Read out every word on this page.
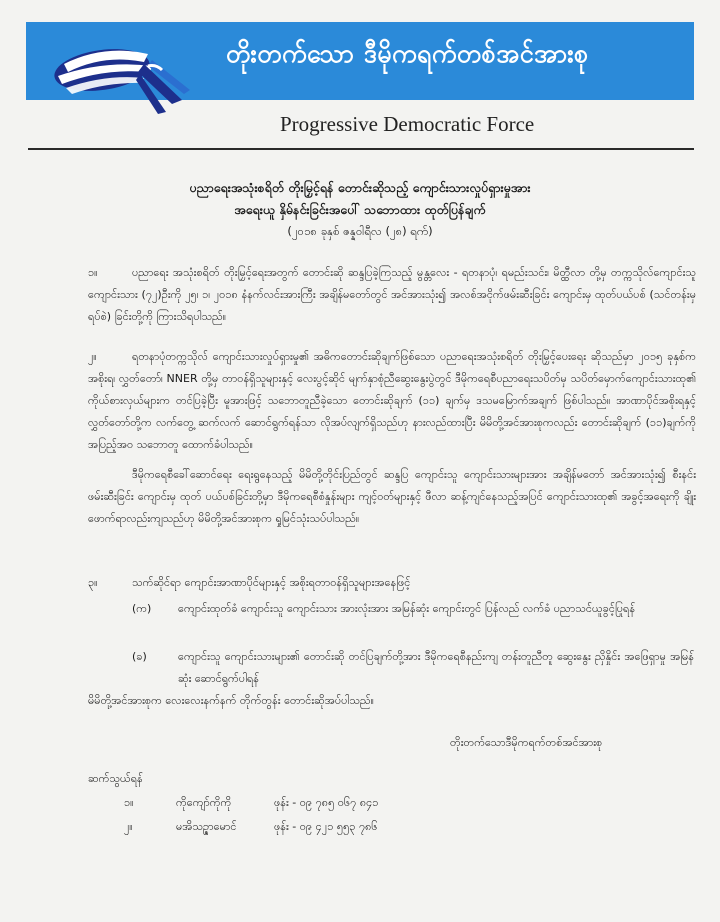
တိုးတက်သော ဒီမိုကရက်တစ်အင်အားစု
Progressive Democratic Force
ပညာရေးအသုံးစရိတ် တိုးမြှင့်ရန် တောင်းဆိုသည့် ကျောင်းသားလှုပ်ရှားမှုအား
အရေးယူ နှိမ်နင်းခြင်းအပေါ် သဘောထား ထုတ်ပြန်ချက်
(၂၀၁၈ ခုနှစ် ဇန္နဝါရီလ (၂၈) ရက်)
၁။	ပညာရေး အသုံးစရိတ် တိုးမြှင့်ရေးအတွက် တောင်းဆို ဆန္ဒပြခဲ့ကြသည့် မွန္တလေး - ရတနာပုံ၊ ရမည်းသင်း၊ မိတ္ထီလာ တို့မှ တက္ကသိုလ်ကျောင်းသူ ကျောင်းသား (၇၂)ဦးကို ၂၅၊ ၁၊ ၂၀၁၈ နံနက်လင်းအားကြီး အချိန်မတော်တွင် အင်အားသုံး၍ အလစ်အငိုက်ဖမ်းဆီးခြင်း ကျောင်းမှ ထုတ်ပယ်ပစ် (သင်တန်းမှ ရပ်စဲ) ခြင်းတို့ကို ကြားသိရပါသည်။
၂။	ရတနာပုံတက္ကသိုလ် ကျောင်းသားလှုပ်ရှားမှု၏ အဓိကတောင်းဆိုချက်ဖြစ်သော ပညာရေးအသုံးစရိတ် တိုးမြှင့်ပေးရေး ဆိုသည်မှာ ၂၀၁၅ ခုနှစ်က အစိုးရ၊ လွှတ်တော်၊ NNER တို့မှ တာဝန်ရှိသူများနှင့် လေးပွင့်ဆိုင် မျက်နှာစုံညီဆွေးနွေးပွဲတွင် ဒီမိုကရေစီပညာရေးသပိတ်မှ သပိတ်မှောက်ကျောင်းသားထု၏ ကိုယ်စားလှယ်များက တင်ပြခဲ့ပြီး မူအားဖြင့် သဘောတူညီခဲ့သော တောင်းဆိုချက် (၁၁) ချက်မှ ဒသမမြောက်အချက် ဖြစ်ပါသည်။ အာဏာပိုင်အစိုးရနှင့် လွှတ်တော်တို့က လက်တွေ့ ဆက်လက် ဆောင်ရွက်ရန်သာ လိုအပ်လျက်ရှိသည်ဟု နားလည်ထားပြီး မိမိတို့အင်အားစုကလည်း တောင်းဆိုချက် (၁၁)ချက်ကို အပြည့်အဝ သဘောတူ ထောက်ခံပါသည်။
ဒီမိုကရေစီခေါ်ဆောင်ရေး ရေးရွနေသည့် မိမိတို့တိုင်းပြည်တွင် ဆန္ဒပြ ကျောင်းသူ ကျောင်းသားများအား အချိန်မတော် အင်အားသုံး၍ စီးနင်း ဖမ်းဆီးခြင်း ကျောင်းမှ ထုတ် ပယ်ပစ်ခြင်းတို့မှာ ဒီမိုကရေစီစံနှုန်းများ ကျင့်ဝတ်များနှင့် ဖီလာ ဆန့်ကျင်နေသည့်အပြင် ကျောင်းသားထု၏ အခွင့်အရေးကို ချိုးဖောက်ရာလည်းကျသည်ဟု မိမိတို့အင်အားစုက ရှုမြင်သုံးသပ်ပါသည်။
၃။	သက်ဆိုင်ရာ ကျောင်းအာဏာပိုင်များနှင့် အစိုးရတာဝန်ရှိသူများအနေဖြင့်
(က) ကျောင်းထုတ်ခံ ကျောင်းသူ ကျောင်းသား အားလုံးအား အမြန်ဆုံး ကျောင်းတွင် ပြန်လည် လက်ခံ ပညာသင်ယူခွင့်ပြုရန်
(ခ)	ကျောင်းသူ ကျောင်းသားများ၏ တောင်းဆို တင်ပြချက်တို့အား ဒီမိုကရေစီနည်းကျ တန်းတူညီတူ ဆွေးနွေး ညှိနှိုင်း အဖြေရှာမှု အမြန်ဆုံး ဆောင်ရွက်ပါရန်
မိမိတို့အင်အားစုက လေးလေးနက်နက် တိုက်တွန်း တောင်းဆိုအပ်ပါသည်။
တိုးတက်သောဒီမိုကရက်တစ်အင်အားစု
ဆက်သွယ်ရန်
၁။	ကိုကျော်ကိုကို	ဖုန်း - ၀၉ ၇၈၅ ၀၆၇ ၈၄၁
၂။	မအိသဉ္ဇာမောင်	ဖုန်း - ၀၉ ၄၂၁ ၅၅၃ ၇၈၆
